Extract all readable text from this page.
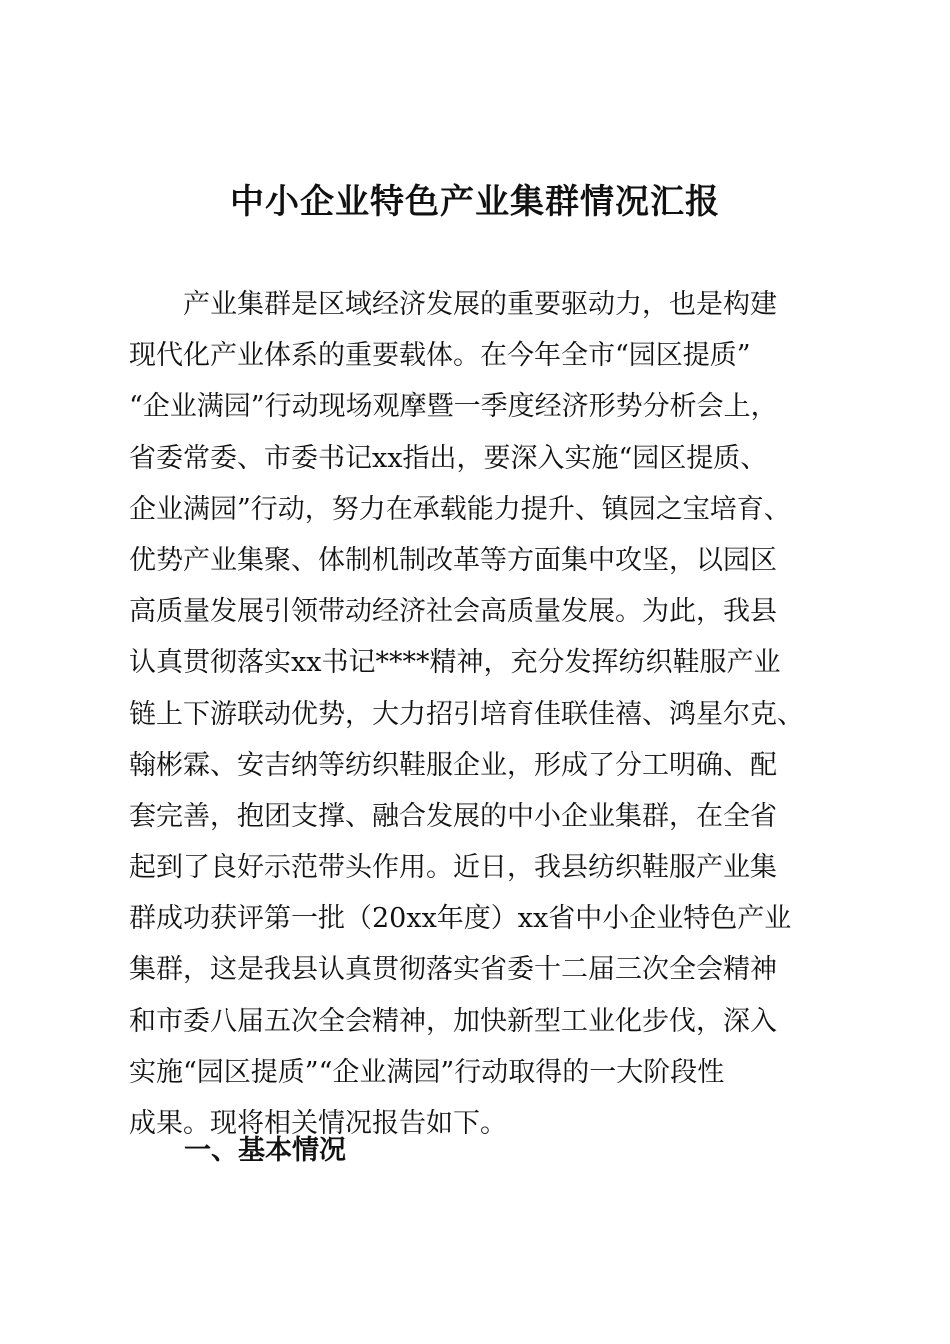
中小企业特色产业集群情况汇报

产业集群是区域经济发展的重要驱动力，也是构建
现代化产业体系的重要载体。在今年全市“园区提质”
“企业满园”行动现场观摩暨一季度经济形势分析会上，
省委常委、市委书记xx指出，要深入实施“园区提质、
企业满园”行动，努力在承载能力提升、镇园之宝培育、
优势产业集聚、体制机制改革等方面集中攻坚，以园区
高质量发展引领带动经济社会高质量发展。为此，我县
认真贯彻落实xx书记****精神，充分发挥纺织鞋服产业
链上下游联动优势，大力招引培育佳联佳禧、鸿星尔克、
翰彬霖、安吉纳等纺织鞋服企业，形成了分工明确、配
套完善，抱团支撑、融合发展的中小企业集群，在全省
起到了良好示范带头作用。近日，我县纺织鞋服产业集
群成功获评第一批（20xx年度）xx省中小企业特色产业
集群，这是我县认真贯彻落实省委十二届三次全会精神
和市委八届五次全会精神，加快新型工业化步伐，深入
实施“园区提质”“企业满园”行动取得的一大阶段性
成果。现将相关情况报告如下。

一、基本情况
